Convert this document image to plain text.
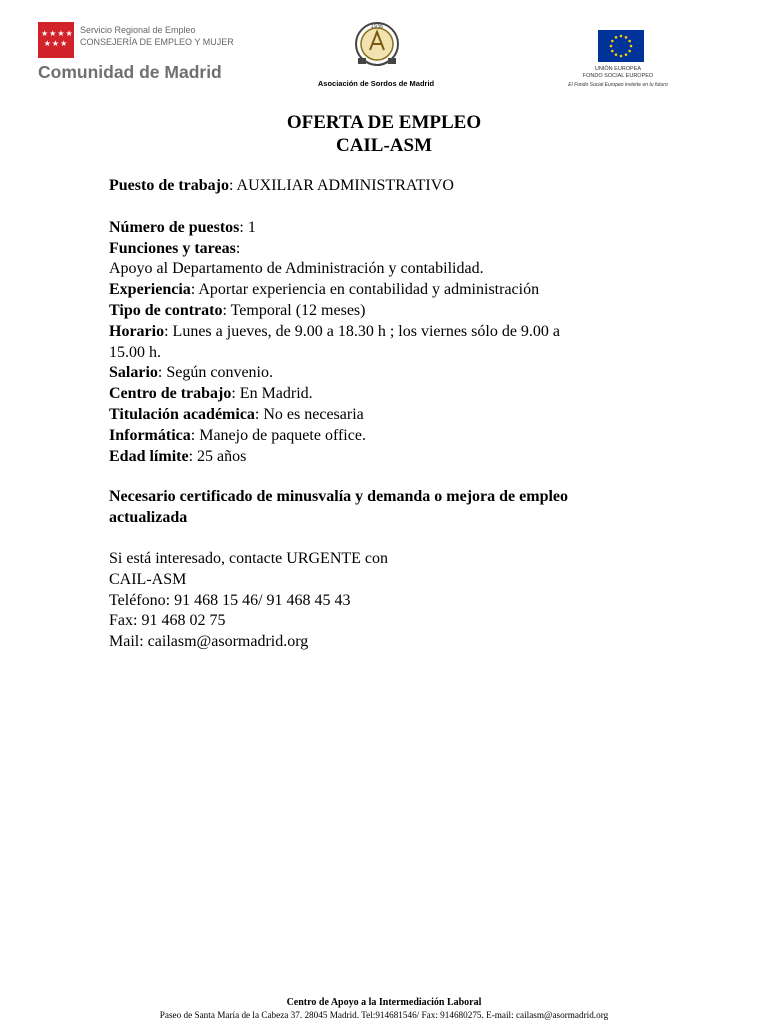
★★★★
★★★
Servicio Regional de Empleo
CONSEJERÍA DE EMPLEO Y MUJER
Comunidad de Madrid
1936
Asociación de Sordos de Madrid
UNIÓN EUROPEA
FONDO SOCIAL EUROPEO
El Fondo Social Europeo invierte en tu futuro
OFERTA DE EMPLEO
CAIL-ASM
Puesto de trabajo: AUXILIAR ADMINISTRATIVO
Número de puestos: 1
Funciones y tareas:
Apoyo al Departamento de Administración y contabilidad.
Experiencia: Aportar experiencia en contabilidad y administración
Tipo de contrato: Temporal (12 meses)
Horario: Lunes a jueves, de 9.00 a 18.30 h ; los viernes sólo de 9.00 a
15.00 h.
Salario: Según convenio.
Centro de trabajo: En Madrid.
Titulación académica: No es necesaria
Informática: Manejo de paquete office.
Edad límite: 25 años
Necesario certificado de minusvalía y demanda o mejora de empleo
actualizada
Si está interesado, contacte URGENTE con
CAIL-ASM
Teléfono: 91 468 15 46/ 91 468 45 43
Fax: 91 468 02 75
Mail: cailasm@asormadrid.org
Centro de Apoyo a la Intermediación Laboral
Paseo de Santa María de la Cabeza 37. 28045 Madrid. Tel:914681546/ Fax: 914680275. E-mail: cailasm@asormadrid.org
